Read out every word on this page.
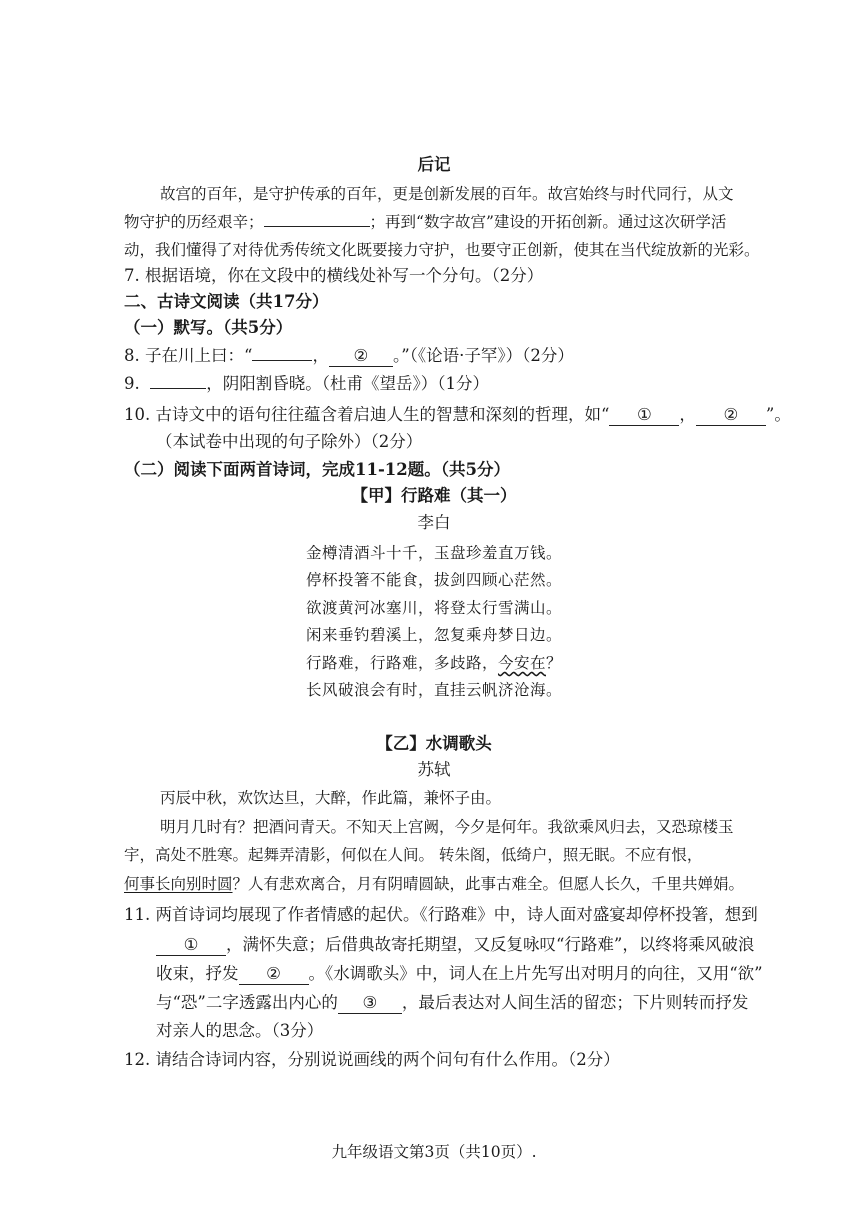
后记
故宫的百年，是守护传承的百年，更是创新发展的百年。故宫始终与时代同行，从文
物守护的历经艰辛；	；再到“数字故宫”建设的开拓创新。通过这次研学活
动，我们懂得了对待优秀传统文化既要接力守护，也要守正创新，使其在当代绽放新的光彩。
7. 根据语境，你在文段中的横线处补写一个分句。（2分）
二、古诗文阅读（共17分）
（一）默写。（共5分）
8. 子在川上曰：“	， ② 。”（《论语·子罕》）（2分）
9.	，阴阳割昏晓。（杜甫《望岳》）（1分）
10. 古诗文中的语句往往蕴含着启迪人生的智慧和深刻的哲理，如“ ① ， ② ”。
（本试卷中出现的句子除外）（2分）
（二）阅读下面两首诗词，完成11-12题。（共5分）
【甲】行路难（其一）
李白
金樽清酒斗十千，玉盘珍羞直万钱。
停杯投箸不能食，拔剑四顾心茫然。
欲渡黄河冰塞川，将登太行雪满山。
闲来垂钓碧溪上，忽复乘舟梦日边。
行路难，行路难，多歧路，今安在？
长风破浪会有时，直挂云帆济沧海。
【乙】水调歌头
苏轼
丙辰中秋，欢饮达旦，大醉，作此篇，兼怀子由。
明月几时有？把酒问青天。不知天上宫阙，今夕是何年。我欲乘风归去，又恐琼楼玉
宇，高处不胜寒。起舞弄清影，何似在人间。 转朱阁，低绮户，照无眠。不应有恨，
何事长向别时圆？人有悲欢离合，月有阴晴圆缺，此事古难全。但愿人长久，千里共婵娟。
11. 两首诗词均展现了作者情感的起伏。《行路难》中，诗人面对盛宴却停杯投箸，想到
① ，满怀失意；后借典故寄托期望，又反复咏叹“行路难”，以终将乘风破浪
收束，抒发 ② 。《水调歌头》中，词人在上片先写出对明月的向往，又用“欲”
与“恐”二字透露出内心的 ③ ，最后表达对人间生活的留恋；下片则转而抒发
对亲人的思念。（3分）
12. 请结合诗词内容，分别说说画线的两个问句有什么作用。（2分）
九年级语文第3页（共10页）.
